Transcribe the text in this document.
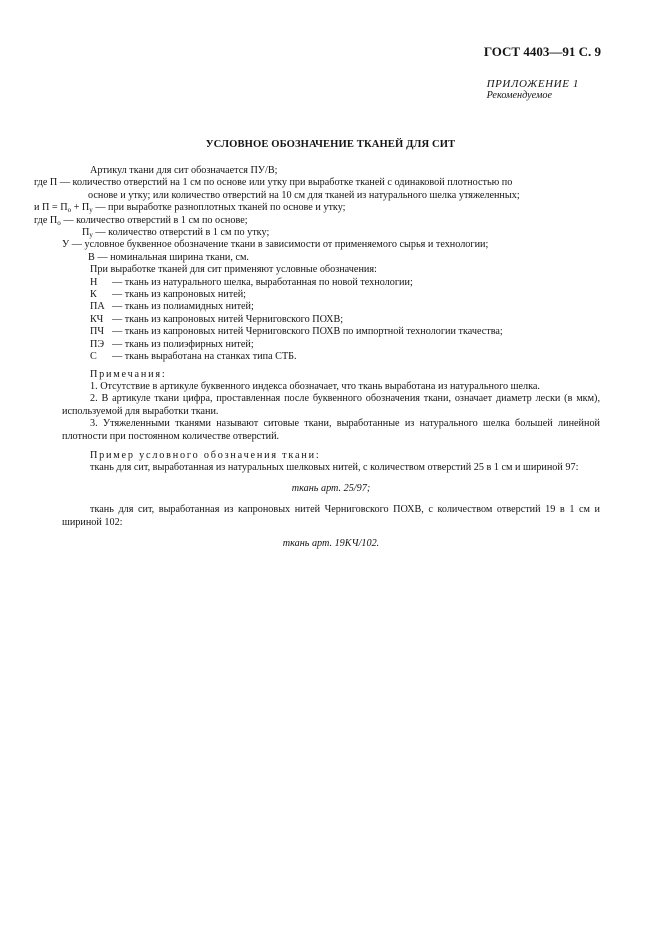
ГОСТ 4403—91 С. 9
ПРИЛОЖЕНИЕ 1
Рекомендуемое
УСЛОВНОЕ ОБОЗНАЧЕНИЕ ТКАНЕЙ ДЛЯ СИТ

Артикул ткани для сит обозначается ПУ/В;

где П — количество отверстий на 1 см по основе или утку при выработке тканей с одинаковой плотностью по

основе и утку; или количество отверстий на 10 см для тканей из натурального шелка утяжеленных;

и $П = П_о + П_у$ — при выработке разноплотных тканей по основе и утку;

где $П_о$ — количество отверстий в 1 см по основе;

$П_у$ — количество отверстий в 1 см по утку;

У — условное буквенное обозначение ткани в зависимости от применяемого сырья и технологии;

В — номинальная ширина ткани, см.

При выработке тканей для сит применяют условные обозначения:

Н — ткань из натурального шелка, выработанная по новой технологии;
К — ткань из капроновых нитей;
ПА — ткань из полиамидных нитей;
КЧ — ткань из капроновых нитей Черниговского ПОХВ;
ПЧ — ткань из капроновых нитей Черниговского ПОХВ по импортной технологии ткачества;
ПЭ — ткань из полиэфирных нитей;
С — ткань выработана на станках типа СТБ.

Примечания:

1. Отсутствие в артикуле буквенного индекса обозначает, что ткань выработана из натурального шелка.

2. В артикуле ткани цифра, проставленная после буквенного обозначения ткани, означает диаметр лески (в мкм), используемой для выработки ткани.

3. Утяжеленными тканями называют ситовые ткани, выработанные из натурального шелка большей линейной плотности при постоянном количестве отверстий.

Пример условного обозначения ткани:

ткань для сит, выработанная из натуральных шелковых нитей, с количеством отверстий 25 в 1 см и шириной 97:

ткань арт. 25/97;

ткань для сит, выработанная из капроновых нитей Черниговского ПОХВ, с количеством отверстий 19 в 1 см и шириной 102:

ткань арт. 19КЧ/102.
